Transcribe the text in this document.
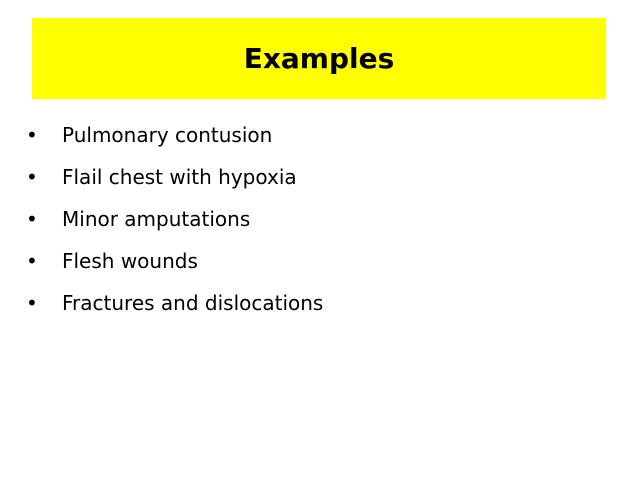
Examples
•	Pulmonary contusion
•	Flail chest with hypoxia
•	Minor amputations
•	Flesh wounds
•	Fractures and dislocations
